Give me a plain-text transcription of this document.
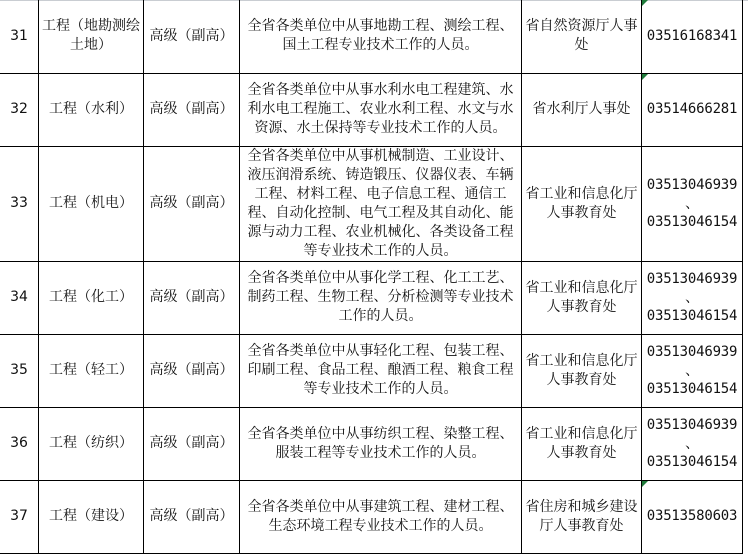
31	工程（地勘测绘土地）	高级（副高）	全省各类单位中从事地勘工程、测绘工程、国土工程专业技术工作的人员。	省自然资源厅人事处	03516168341

32	工程（水利）	高级（副高）	全省各类单位中从事水利水电工程建筑、水利水电工程施工、农业水利工程、水文与水资源、水土保持等专业技术工作的人员。	省水利厅人事处	03514666281

33	工程（机电）	高级（副高）	全省各类单位中从事机械制造、工业设计、液压润滑系统、铸造锻压、仪器仪表、车辆工程、材料工程、电子信息工程、通信工程、自动化控制、电气工程及其自动化、能源与动力工程、农业机械化、各类设备工程等专业技术工作的人员。	省工业和信息化厅人事教育处	03513046939
、
03513046154

34	工程（化工）	高级（副高）	全省各类单位中从事化学工程、化工工艺、制药工程、生物工程、分析检测等专业技术工作的人员。	省工业和信息化厅人事教育处	03513046939
、
03513046154

35	工程（轻工）	高级（副高）	全省各类单位中从事轻化工程、包装工程、印刷工程、食品工程、酿酒工程、粮食工程等专业技术工作的人员。	省工业和信息化厅人事教育处	03513046939
、
03513046154

36	工程（纺织）	高级（副高）	全省各类单位中从事纺织工程、染整工程、服装工程等专业技术工作的人员。	省工业和信息化厅人事教育处	03513046939
、
03513046154

37	工程（建设）	高级（副高）	全省各类单位中从事建筑工程、建材工程、生态环境工程专业技术工作的人员。	省住房和城乡建设厅人事教育处	03513580603
